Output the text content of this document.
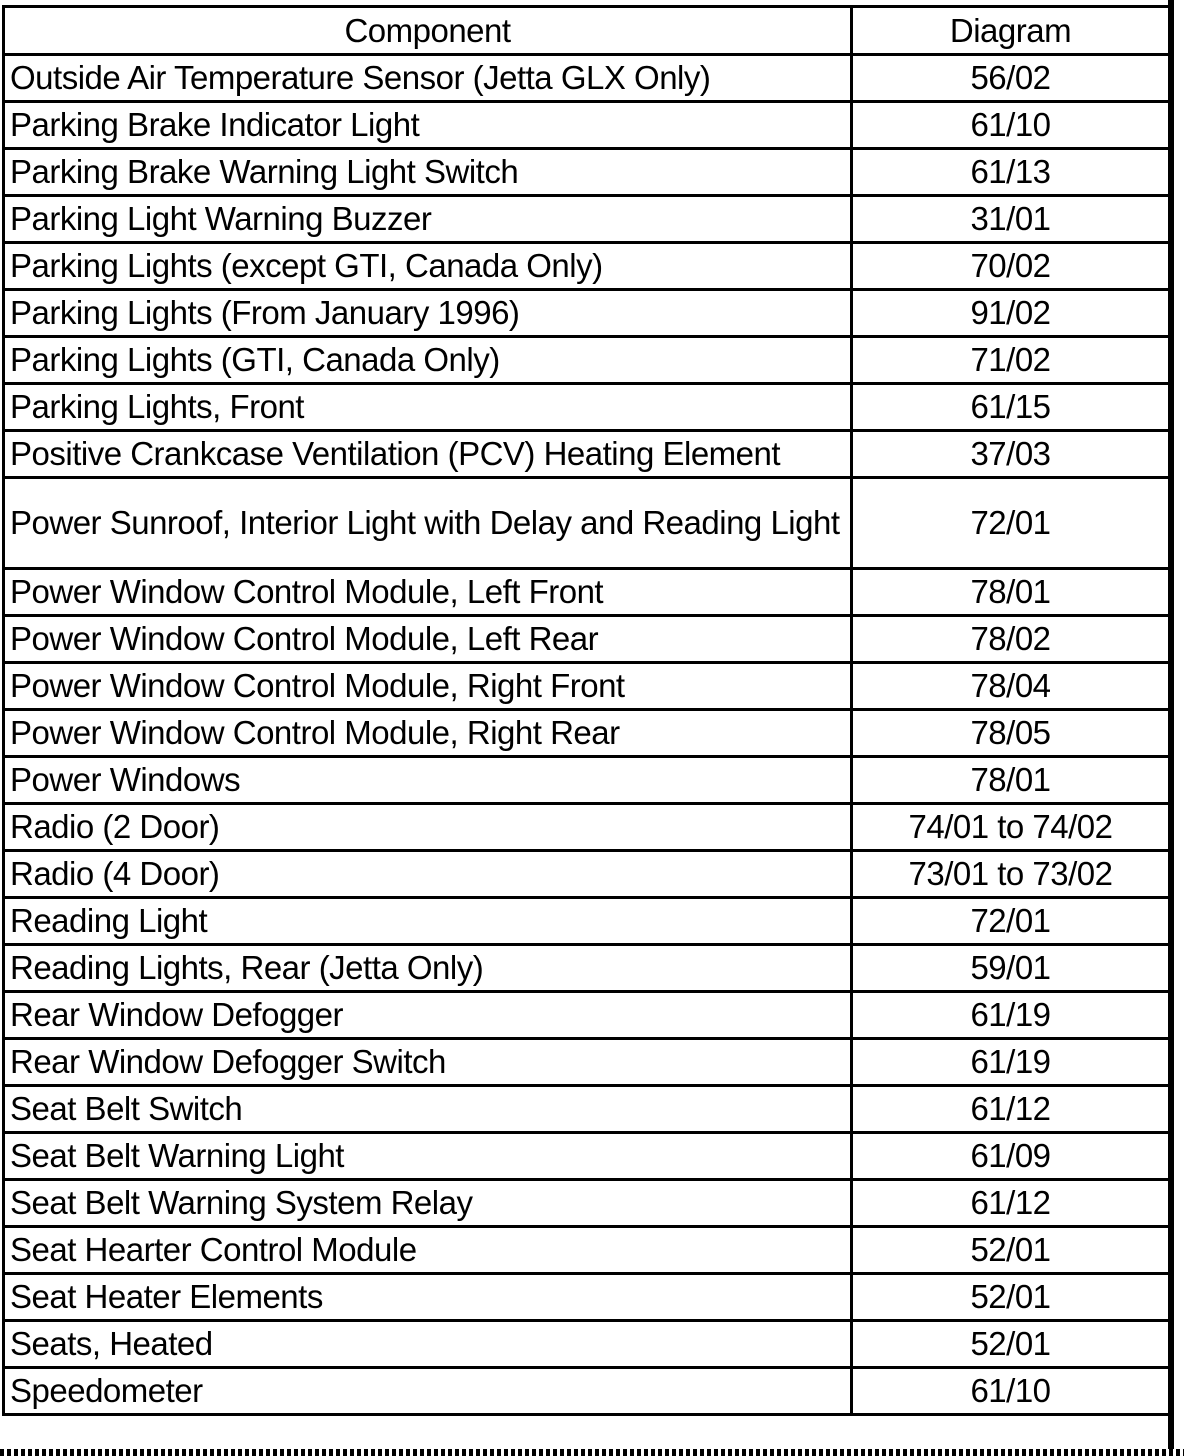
Component	Diagram
Outside Air Temperature Sensor (Jetta GLX Only)	56/02
Parking Brake Indicator Light	61/10
Parking Brake Warning Light Switch	61/13
Parking Light Warning Buzzer	31/01
Parking Lights (except GTI, Canada Only)	70/02
Parking Lights (From January 1996)	91/02
Parking Lights (GTI, Canada Only)	71/02
Parking Lights, Front	61/15
Positive Crankcase Ventilation (PCV) Heating Element	37/03
Power Sunroof, Interior Light with Delay and Reading Light	72/01
Power Window Control Module, Left Front	78/01
Power Window Control Module, Left Rear	78/02
Power Window Control Module, Right Front	78/04
Power Window Control Module, Right Rear	78/05
Power Windows	78/01
Radio (2 Door)	74/01 to 74/02
Radio (4 Door)	73/01 to 73/02
Reading Light	72/01
Reading Lights, Rear (Jetta Only)	59/01
Rear Window Defogger	61/19
Rear Window Defogger Switch	61/19
Seat Belt Switch	61/12
Seat Belt Warning Light	61/09
Seat Belt Warning System Relay	61/12
Seat Hearter Control Module	52/01
Seat Heater Elements	52/01
Seats, Heated	52/01
Speedometer	61/10
